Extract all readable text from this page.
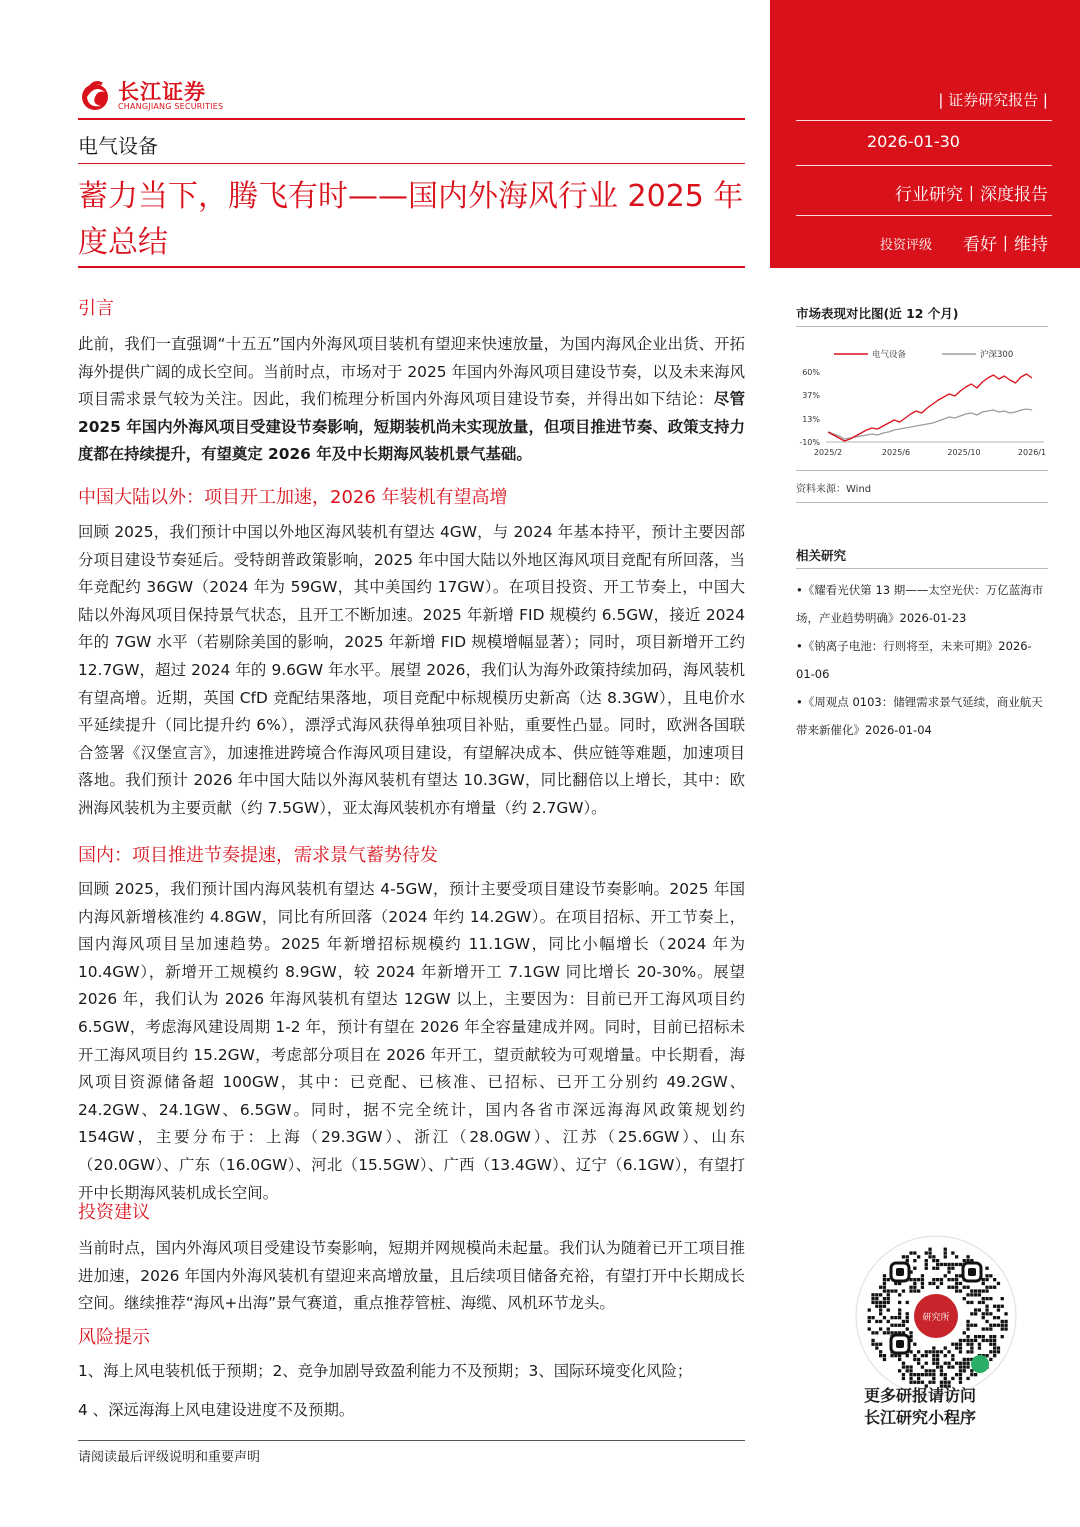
长江证券
CHANGJIANG SECURITIES
电气设备
蓄力当下，腾飞有时——国内外海风行业 2025 年度总结
引言
此前，我们一直强调“十五五”国内外海风项目装机有望迎来快速放量，为国内海风企业出货、开拓海外提供广阔的成长空间。当前时点，市场对于 2025 年国内外海风项目建设节奏，以及未来海风项目需求景气较为关注。因此，我们梳理分析国内外海风项目建设节奏，并得出如下结论：尽管 2025 年国内外海风项目受建设节奏影响，短期装机尚未实现放量，但项目推进节奏、政策支持力度都在持续提升，有望奠定 2026 年及中长期海风装机景气基础。
中国大陆以外：项目开工加速，2026 年装机有望高增
回顾 2025，我们预计中国以外地区海风装机有望达 4GW，与 2024 年基本持平，预计主要因部分项目建设节奏延后。受特朗普政策影响，2025 年中国大陆以外地区海风项目竞配有所回落，当年竞配约 36GW（2024 年为 59GW，其中美国约 17GW）。在项目投资、开工节奏上，中国大陆以外海风项目保持景气状态，且开工不断加速。2025 年新增 FID 规模约 6.5GW，接近 2024 年的 7GW 水平（若剔除美国的影响，2025 年新增 FID 规模增幅显著）；同时，项目新增开工约 12.7GW，超过 2024 年的 9.6GW 年水平。展望 2026，我们认为海外政策持续加码，海风装机有望高增。近期，英国 CfD 竞配结果落地，项目竞配中标规模历史新高（达 8.3GW），且电价水平延续提升（同比提升约 6%），漂浮式海风获得单独项目补贴，重要性凸显。同时，欧洲各国联合签署《汉堡宣言》，加速推进跨境合作海风项目建设，有望解决成本、供应链等难题，加速项目落地。我们预计 2026 年中国大陆以外海风装机有望达 10.3GW，同比翻倍以上增长，其中：欧洲海风装机为主要贡献（约 7.5GW），亚太海风装机亦有增量（约 2.7GW）。
国内：项目推进节奏提速，需求景气蓄势待发
回顾 2025，我们预计国内海风装机有望达 4-5GW，预计主要受项目建设节奏影响。2025 年国内海风新增核准约 4.8GW，同比有所回落（2024 年约 14.2GW）。在项目招标、开工节奏上，国内海风项目呈加速趋势。2025 年新增招标规模约 11.1GW，同比小幅增长（2024 年为 10.4GW），新增开工规模约 8.9GW，较 2024 年新增开工 7.1GW 同比增长 20-30%。展望 2026 年，我们认为 2026 年海风装机有望达 12GW 以上，主要因为：目前已开工海风项目约 6.5GW，考虑海风建设周期 1-2 年，预计有望在 2026 年全容量建成并网。同时，目前已招标未开工海风项目约 15.2GW，考虑部分项目在 2026 年开工，望贡献较为可观增量。中长期看，海风项目资源储备超 100GW，其中：已竞配、已核准、已招标、已开工分别约 49.2GW、24.2GW、24.1GW、6.5GW。同时，据不完全统计，国内各省市深远海海风政策规划约 154GW，主要分布于：上海（29.3GW）、浙江（28.0GW）、江苏（25.6GW）、山东（20.0GW）、广东（16.0GW）、河北（15.5GW）、广西（13.4GW）、辽宁（6.1GW），有望打开中长期海风装机成长空间。
投资建议
当前时点，国内外海风项目受建设节奏影响，短期并网规模尚未起量。我们认为随着已开工项目推进加速，2026 年国内外海风装机有望迎来高增放量，且后续项目储备充裕，有望打开中长期成长空间。继续推荐“海风+出海”景气赛道，重点推荐管桩、海缆、风机环节龙头。
风险提示
1、海上风电装机低于预期；2、竞争加剧导致盈利能力不及预期；3、国际环境变化风险；
4 、深远海海上风电建设进度不及预期。
请阅读最后评级说明和重要声明
| 证券研究报告 |
2026-01-30
行业研究丨深度报告
投资评级 看好丨维持
市场表现对比图(近 12 个月)
电气设备	沪深300
60%
37%
13%
-10%
2025/2	2025/6	2025/10	2026/1
资料来源：Wind
相关研究
•《耀看光伏第 13 期——太空光伏：万亿蓝海市场，产业趋势明确》2026-01-23
•《钠离子电池：行则将至，未来可期》2026-01-06
•《周观点 0103：储锂需求景气延续，商业航天带来新催化》2026-01-04
研究所
更多研报请访问
长江研究小程序
